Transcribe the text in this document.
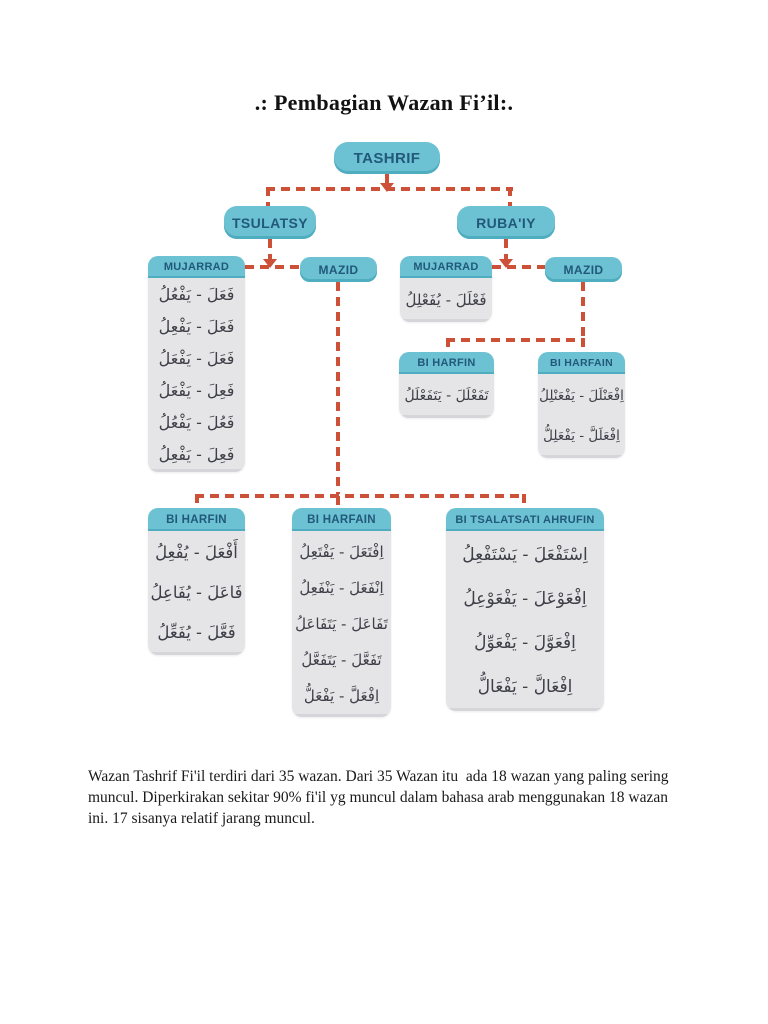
.: Pembagian Wazan Fi’il:.
TASHRIF
TSULATSY	RUBA'IY
MUJARRAD
فَعَلَ - يَفْعُلُ
فَعَلَ - يَفْعِلُ
فَعَلَ - يَفْعَلُ
فَعِلَ - يَفْعَلُ
فَعُلَ - يَفْعُلُ
فَعِلَ - يَفْعِلُ
MAZID	MUJARRAD
فَعْلَلَ - يُفَعْلِلُ
MAZID
BI HARFIN
تَفَعْلَلَ - يَتَفَعْلَلُ
BI HARFAIN
اِفْعَنْلَلَ - يَفْعَنْلِلُ
اِفْعَلَلَّ - يَفْعَلِلُّ
BI HARFIN
أَفْعَلَ - يُفْعِلُ
فَاعَلَ - يُفَاعِلُ
فَعَّلَ - يُفَعِّلُ
BI HARFAIN
اِفْتَعَلَ - يَفْتَعِلُ
اِنْفَعَلَ - يَنْفَعِلُ
تَفَاعَلَ - يَتَفَاعَلُ
تَفَعَّلَ - يَتَفَعَّلُ
اِفْعَلَّ - يَفْعَلُّ
BI TSALATSATI AHRUFIN
اِسْتَفْعَلَ - يَسْتَفْعِلُ
اِفْعَوْعَلَ - يَفْعَوْعِلُ
اِفْعَوَّلَ - يَفْعَوِّلُ
اِفْعَالَّ - يَفْعَالُّ
Wazan Tashrif Fi'il terdiri dari 35 wazan. Dari 35 Wazan itu  ada 18 wazan yang paling sering
muncul. Diperkirakan sekitar 90% fi'il yg muncul dalam bahasa arab menggunakan 18 wazan
ini. 17 sisanya relatif jarang muncul.
